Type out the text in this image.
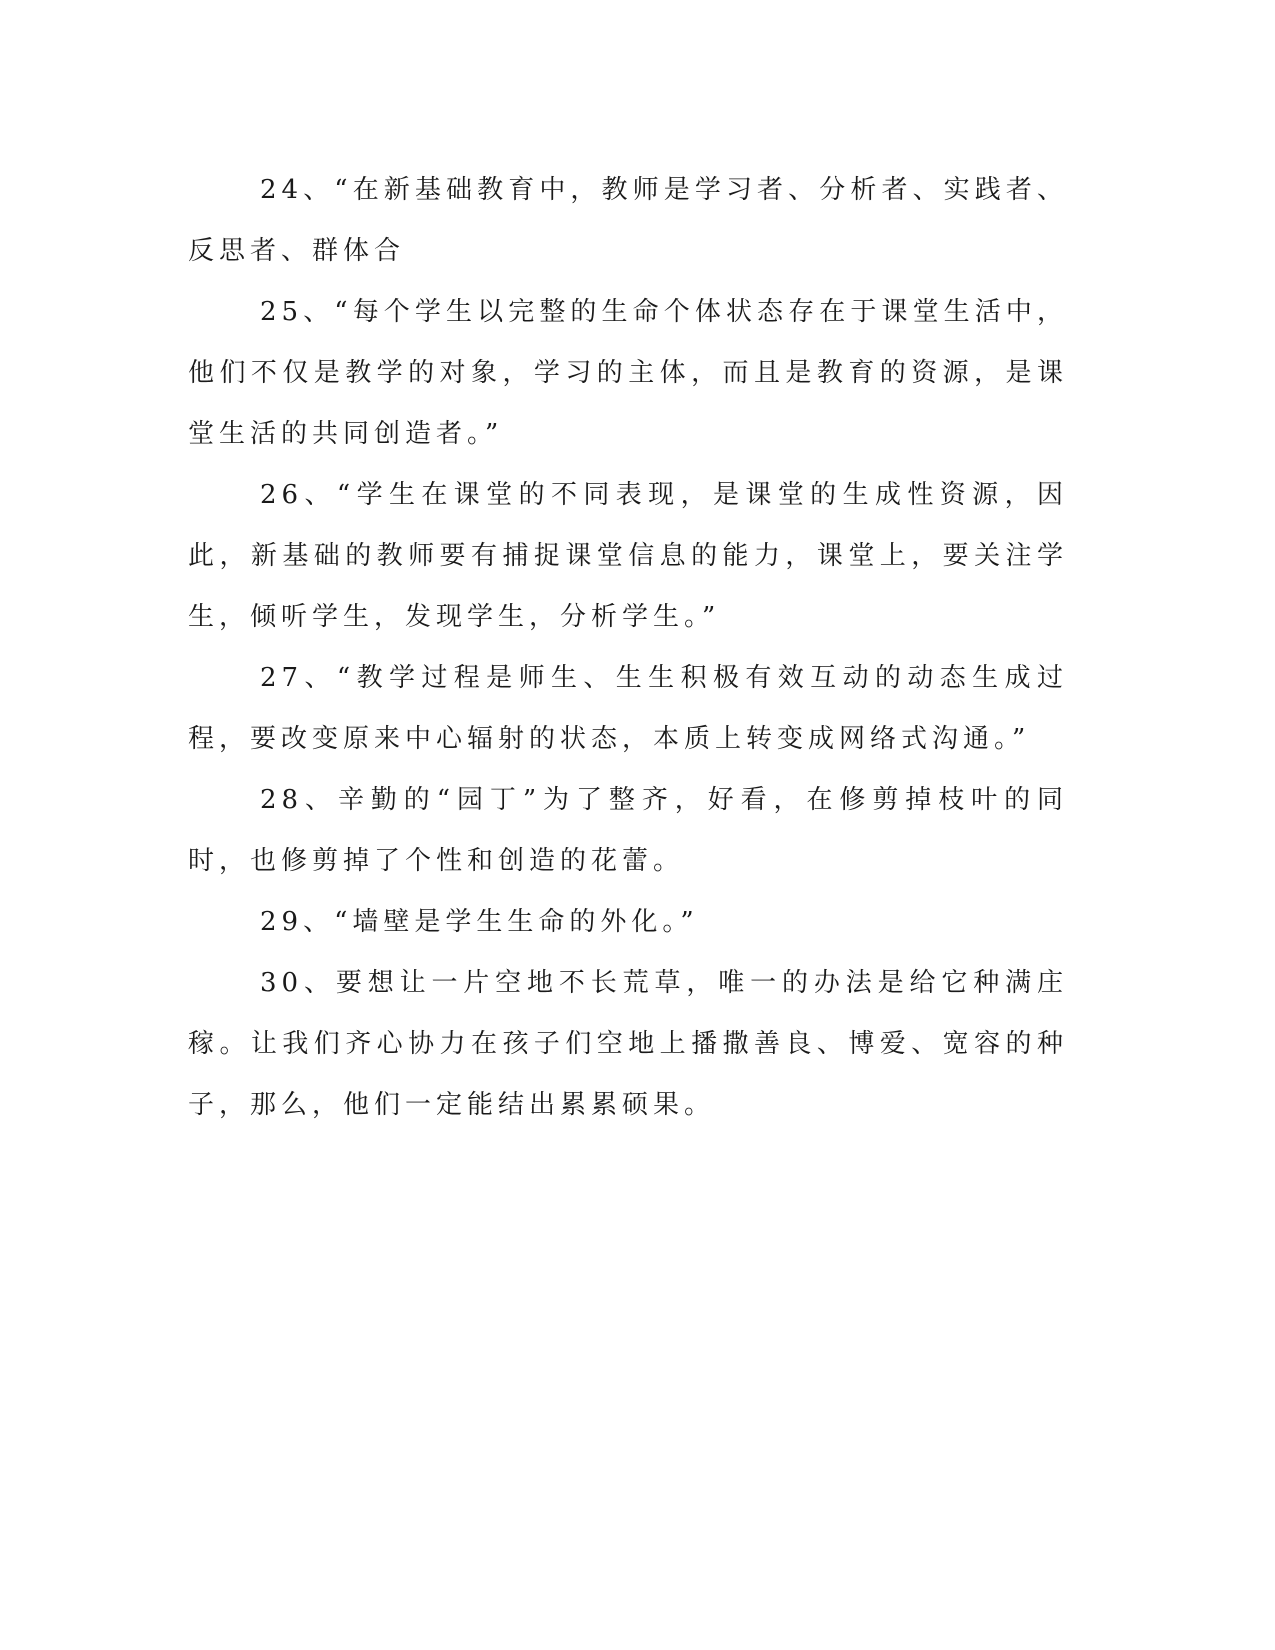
24、“在新基础教育中，教师是学习者、分析者、实践者、反思者、群体合

25、“每个学生以完整的生命个体状态存在于课堂生活中，他们不仅是教学的对象，学习的主体，而且是教育的资源，是课堂生活的共同创造者。”

26、“学生在课堂的不同表现，是课堂的生成性资源，因此，新基础的教师要有捕捉课堂信息的能力，课堂上，要关注学生，倾听学生，发现学生，分析学生。”

27、“教学过程是师生、生生积极有效互动的动态生成过程，要改变原来中心辐射的状态，本质上转变成网络式沟通。”

28、辛勤的“园丁”为了整齐，好看，在修剪掉枝叶的同时，也修剪掉了个性和创造的花蕾。

29、“墙壁是学生生命的外化。”

30、要想让一片空地不长荒草，唯一的办法是给它种满庄稼。让我们齐心协力在孩子们空地上播撒善良、博爱、宽容的种子，那么，他们一定能结出累累硕果。
